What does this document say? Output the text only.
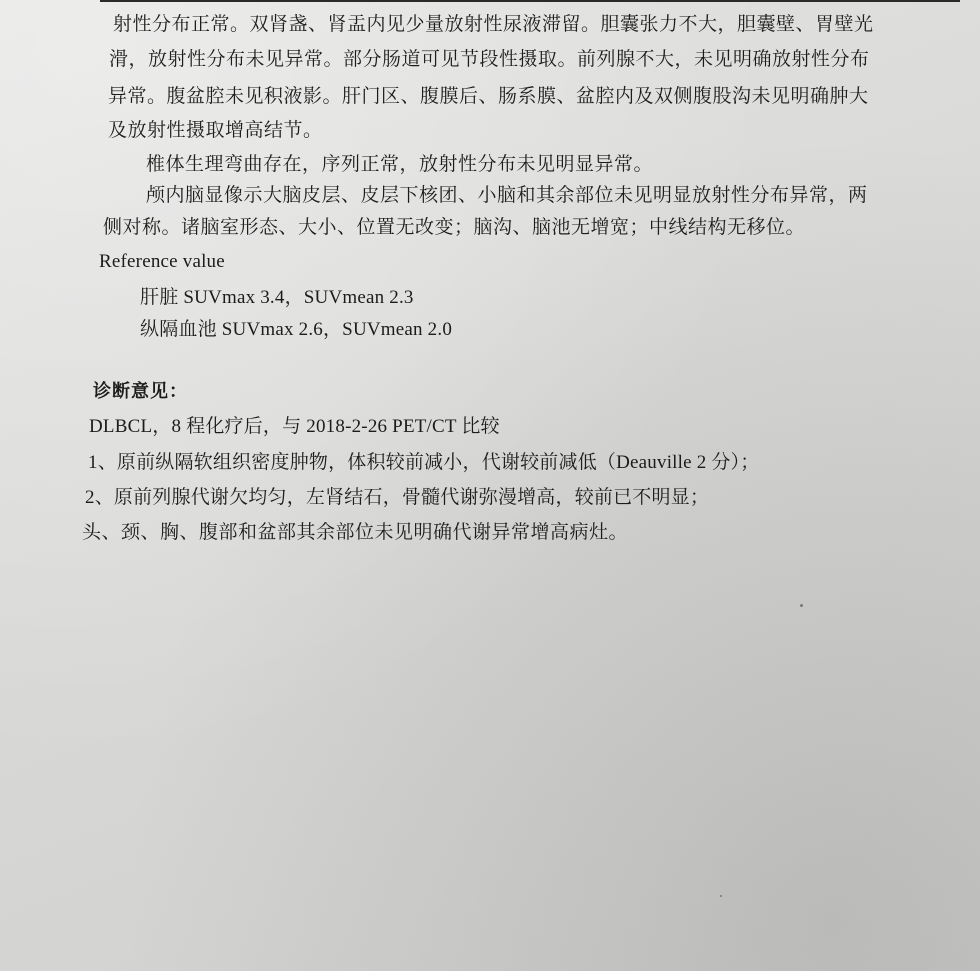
射性分布正常。双肾盏、肾盂内见少量放射性尿液滞留。胆囊张力不大，胆囊壁、胃壁光
滑，放射性分布未见异常。部分肠道可见节段性摄取。前列腺不大，未见明确放射性分布
异常。腹盆腔未见积液影。肝门区、腹膜后、肠系膜、盆腔内及双侧腹股沟未见明确肿大
及放射性摄取增高结节。
椎体生理弯曲存在，序列正常，放射性分布未见明显异常。
颅内脑显像示大脑皮层、皮层下核团、小脑和其余部位未见明显放射性分布异常，两
侧对称。诸脑室形态、大小、位置无改变；脑沟、脑池无增宽；中线结构无移位。
Reference value
肝脏 SUVmax 3.4，SUVmean 2.3
纵隔血池 SUVmax 2.6，SUVmean 2.0
诊断意见：
DLBCL，8 程化疗后，与 2018-2-26 PET/CT 比较
1、原前纵隔软组织密度肿物，体积较前减小，代谢较前减低（Deauville 2 分）；
2、原前列腺代谢欠均匀，左肾结石，骨髓代谢弥漫增高，较前已不明显；
头、颈、胸、腹部和盆部其余部位未见明确代谢异常增高病灶。
